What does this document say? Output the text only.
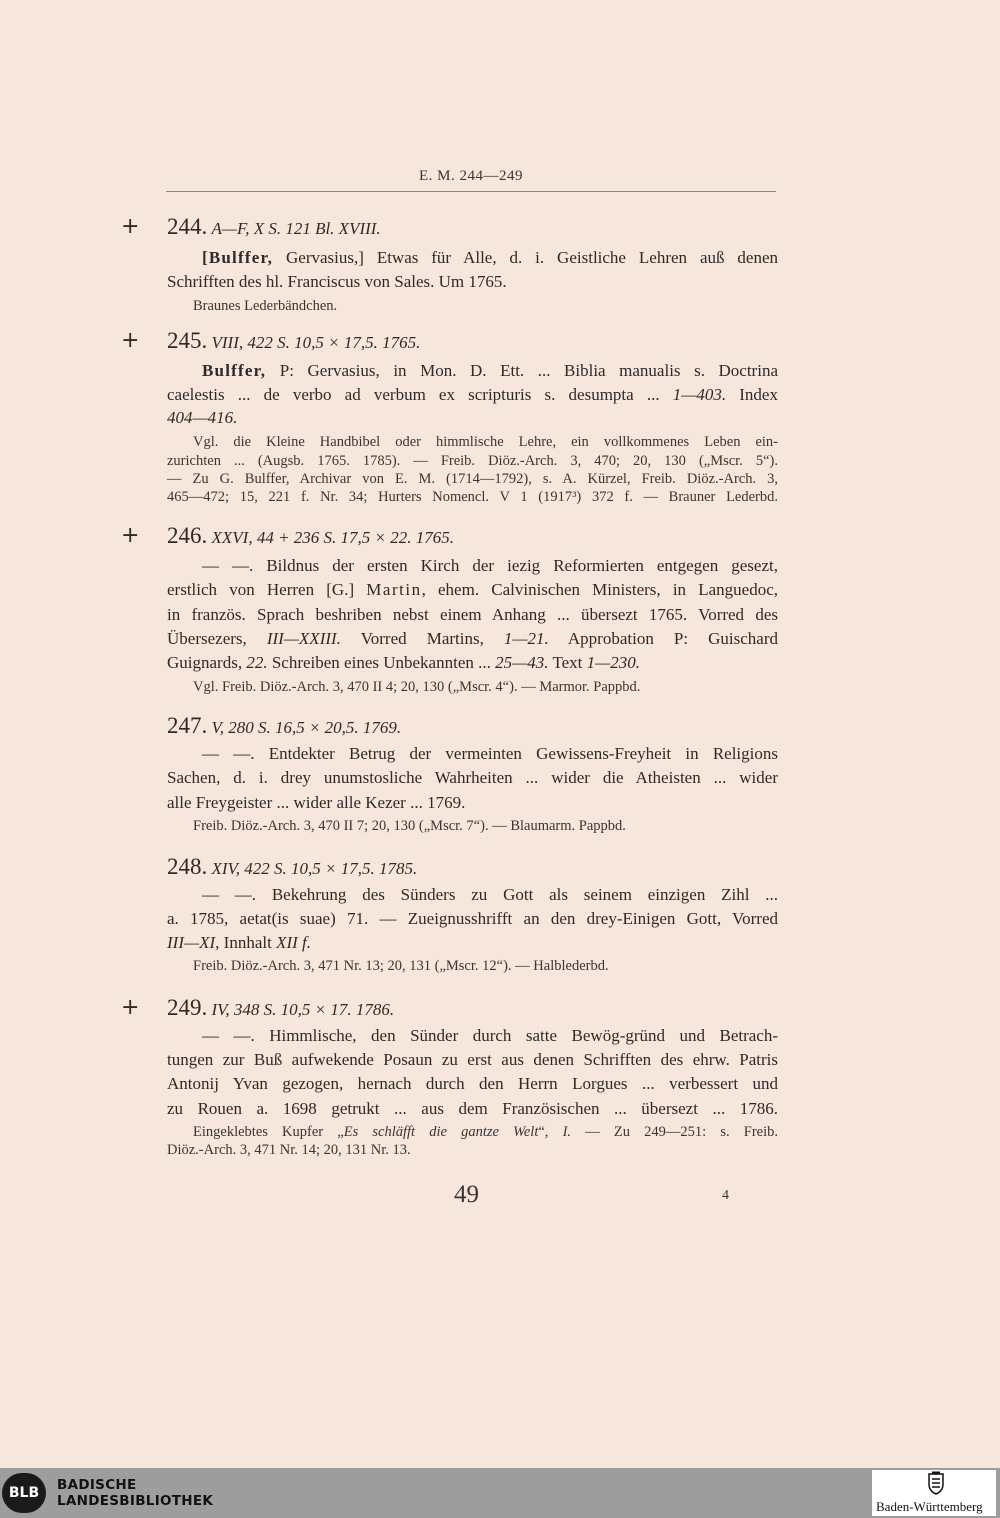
E. M. 244—249
+ 244. A—F, X S. 121 Bl. XVIII.
[Bulffer, Gervasius,] Etwas für Alle, d. i. Geistliche Lehren auß denen
Schrifften des hl. Franciscus von Sales. Um 1765.
Braunes Lederbändchen.
+ 245. VIII, 422 S. 10,5 × 17,5. 1765.
Bulffer, P: Gervasius, in Mon. D. Ett. ... Biblia manualis s. Doctrina
caelestis ... de verbo ad verbum ex scripturis s. desumpta ... 1—403. Index
404—416.
Vgl. die Kleine Handbibel oder himmlische Lehre, ein vollkommenes Leben ein-
zurichten ... (Augsb. 1765. 1785). — Freib. Diöz.-Arch. 3, 470; 20, 130 („Mscr. 5“).
— Zu G. Bulffer, Archivar von E. M. (1714—1792), s. A. Kürzel, Freib. Diöz.-Arch. 3,
465—472; 15, 221 f. Nr. 34; Hurters Nomencl. V 1 (1917³) 372 f. — Brauner Lederbd.
+ 246. XXVI, 44 + 236 S. 17,5 × 22. 1765.
— —. Bildnus der ersten Kirch der iezig Reformierten entgegen gesezt,
erstlich von Herren [G.] Martin, ehem. Calvinischen Ministers, in Languedoc,
in französ. Sprach beshriben nebst einem Anhang ... übersezt 1765. Vorred des
Übersezers, III—XXIII. Vorred Martins, 1—21. Approbation P: Guischard
Guignards, 22. Schreiben eines Unbekannten ... 25—43. Text 1—230.
Vgl. Freib. Diöz.-Arch. 3, 470 II 4; 20, 130 („Mscr. 4“). — Marmor. Pappbd.
247. V, 280 S. 16,5 × 20,5. 1769.
— —. Entdekter Betrug der vermeinten Gewissens-Freyheit in Religions
Sachen, d. i. drey unumstosliche Wahrheiten ... wider die Atheisten ... wider
alle Freygeister ... wider alle Kezer ... 1769.
Freib. Diöz.-Arch. 3, 470 II 7; 20, 130 („Mscr. 7“). — Blaumarm. Pappbd.
248. XIV, 422 S. 10,5 × 17,5. 1785.
— —. Bekehrung des Sünders zu Gott als seinem einzigen Zihl ...
a. 1785, aetat(is suae) 71. — Zueignusshrifft an den drey-Einigen Gott, Vorred
III—XI, Innhalt XII f.
Freib. Diöz.-Arch. 3, 471 Nr. 13; 20, 131 („Mscr. 12“). — Halblederbd.
+ 249. IV, 348 S. 10,5 × 17. 1786.
— —. Himmlische, den Sünder durch satte Bewög-gründ und Betrach-
tungen zur Buß aufwekende Posaun zu erst aus denen Schrifften des ehrw. Patris
Antonij Yvan gezogen, hernach durch den Herrn Lorgues ... verbessert und
zu Rouen a. 1698 getrukt ... aus dem Französischen ... übersezt ... 1786.
Eingeklebtes Kupfer „Es schläfft die gantze Welt“, I. — Zu 249—251: s. Freib.
Diöz.-Arch. 3, 471 Nr. 14; 20, 131 Nr. 13.
49	4
BLB	BADISCHE
LANDESBIBLIOTHEK	Baden-Württemberg
